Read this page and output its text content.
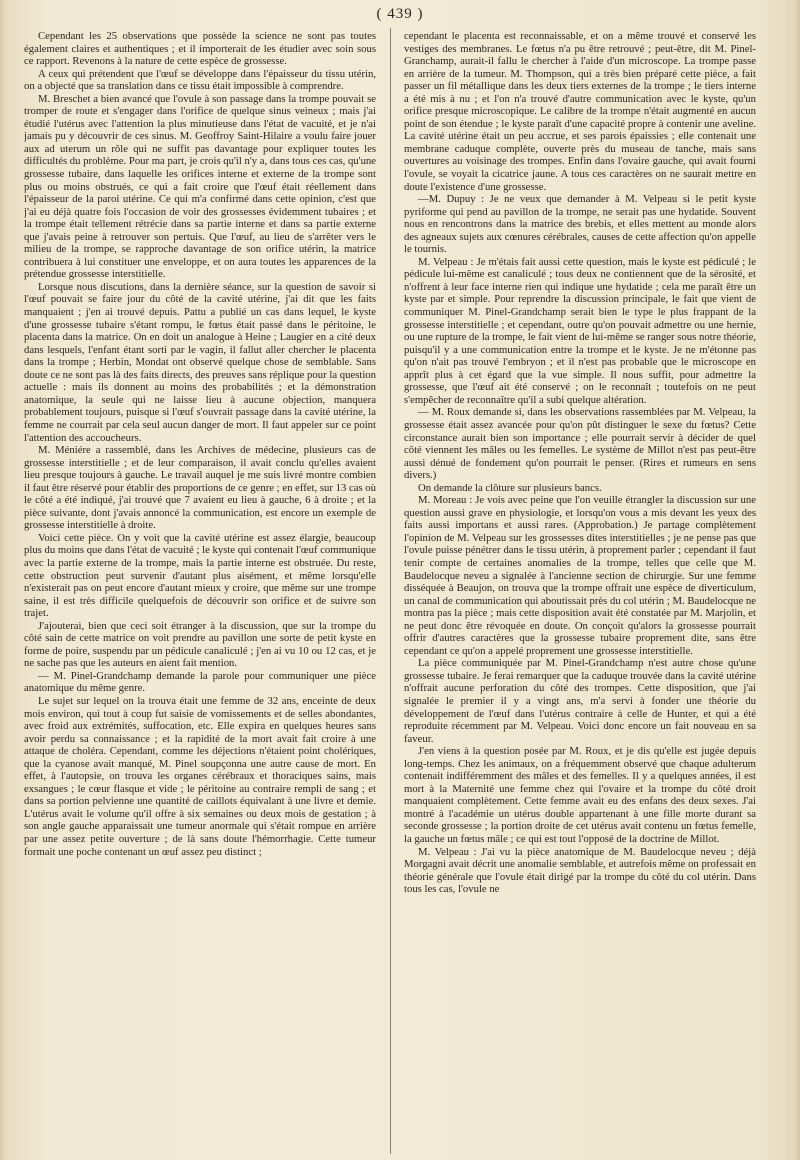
( 439 )

Cependant les 25 observations que possède la science ne sont pas toutes également claires et authentiques ; et il importerait de les étudier avec soin sous ce rapport. Revenons à la nature de cette espèce de grossesse.

A ceux qui prétendent que l'œuf se développe dans l'épaisseur du tissu utérin, on a objecté que sa translation dans ce tissu était impossible à comprendre.

M. Breschet a bien avancé que l'ovule à son passage dans la trompe pouvait se tromper de route et s'engager dans l'orifice de quelque sinus veineux ; mais j'ai étudié l'utérus avec l'attention la plus minutieuse dans l'état de vacuité, et je n'ai jamais pu y découvrir de ces sinus. M. Geoffroy Saint-Hilaire a voulu faire jouer aux ad uterum un rôle qui ne suffit pas davantage pour expliquer toutes les difficultés du problème. Pour ma part, je crois qu'il n'y a, dans tous ces cas, qu'une grossesse tubaire, dans laquelle les orifices interne et externe de la trompe sont plus ou moins obstrués, ce qui a fait croire que l'œuf était réellement dans l'épaisseur de la paroi utérine. Ce qui m'a confirmé dans cette opinion, c'est que j'ai eu déjà quatre fois l'occasion de voir des grossesses évidemment tubaires ; et la trompe était tellement rétrécie dans sa partie interne et dans sa partie externe que j'avais peine à retrouver son pertuis. Que l'œuf, au lieu de s'arrêter vers le milieu de la trompe, se rapproche davantage de son orifice utérin, la matrice contribuera à lui constituer une enveloppe, et on aura toutes les apparences de la prétendue grossesse interstitielle.

Lorsque nous discutions, dans la dernière séance, sur la question de savoir si l'œuf pouvait se faire jour du côté de la cavité utérine, j'ai dit que les faits manquaient ; j'en ai trouvé depuis. Pattu a publié un cas dans lequel, le kyste d'une grossesse tubaire s'étant rompu, le fœtus était passé dans le péritoine, le placenta dans la matrice. On en doit un analogue à Heine ; Laugier en a cité deux dans lesquels, l'enfant étant sorti par le vagin, il fallut aller chercher le placenta dans la trompe ; Herbin, Mondat ont observé quelque chose de semblable. Sans doute ce ne sont pas là des faits directs, des preuves sans réplique pour la question actuelle : mais ils donnent au moins des probabilités ; et la démonstration anatomique, la seule qui ne laisse lieu à aucune objection, manquera probablement toujours, puisque si l'œuf s'ouvrait passage dans la cavité utérine, la femme ne courrait par cela seul aucun danger de mort. Il faut appeler sur ce point l'attention des accoucheurs.

M. Méniére a rassemblé, dans les Archives de médecine, plusieurs cas de grossesse interstitielle ; et de leur comparaison, il avait conclu qu'elles avaient lieu presque toujours à gauche. Le travail auquel je me suis livré montre combien il faut être réservé pour établir des proportions de ce genre ; en effet, sur 13 cas où le côté a été indiqué, j'ai trouvé que 7 avaient eu lieu à gauche, 6 à droite ; et la pièce suivante, dont j'avais annoncé la communication, est encore un exemple de grossesse interstitielle à droite.

Voici cette pièce. On y voit que la cavité utérine est assez élargie, beaucoup plus du moins que dans l'état de vacuité ; le kyste qui contenait l'œuf communique avec la partie externe de la trompe, mais la partie interne est obstruée. Du reste, cette obstruction peut survenir d'autant plus aisément, et même lorsqu'elle n'existerait pas on peut encore d'autant mieux y croire, que même sur une trompe saine, il est très difficile quelquefois de découvrir son orifice et de suivre son trajet.

J'ajouterai, bien que ceci soit étranger à la discussion, que sur la trompe du côté sain de cette matrice on voit prendre au pavillon une sorte de petit kyste en forme de poire, suspendu par un pédicule canaliculé ; j'en ai vu 10 ou 12 cas, et je ne sache pas que les auteurs en aient fait mention.

— M. Pinel-Grandchamp demande la parole pour communiquer une pièce anatomique du même genre.

Le sujet sur lequel on la trouva était une femme de 32 ans, enceinte de deux mois environ, qui tout à coup fut saisie de vomissements et de selles abondantes, avec froid aux extrémités, suffocation, etc. Elle expira en quelques heures sans avoir perdu sa connaissance ; et la rapidité de la mort avait fait croire à une attaque de choléra. Cependant, comme les déjections n'étaient point cholériques, que la cyanose avait manqué, M. Pinel soupçonna une autre cause de mort. En effet, à l'autopsie, on trouva les organes cérébraux et thoraciques sains, mais exsangues ; le cœur flasque et vide ; le péritoine au contraire rempli de sang ; et dans sa portion pelvienne une quantité de caillots équivalant à une livre et demie. L'utérus avait le volume qu'il offre à six semaines ou deux mois de gestation ; à son angle gauche apparaissait une tumeur anormale qui s'était rompue en arrière par une assez petite ouverture ; de là sans doute l'hémorrhagie. Cette tumeur formait une poche contenant un œuf assez peu distinct ;

cependant le placenta est reconnaissable, et on a même trouvé et conservé les vestiges des membranes. Le fœtus n'a pu être retrouvé ; peut-être, dit M. Pinel-Granchamp, aurait-il fallu le chercher à l'aide d'un microscope. La trompe passe en arrière de la tumeur. M. Thompson, qui a très bien préparé cette pièce, a fait passer un fil métallique dans les deux tiers externes de la trompe ; le tiers interne a été mis à nu ; et l'on n'a trouvé d'autre communication avec le kyste, qu'un orifice presque microscopique. Le calibre de la trompe n'était augmenté en aucun point de son étendue ; le kyste paraît d'une capacité propre à contenir une aveline. La cavité utérine était un peu accrue, et ses parois épaissies ; elle contenait une membrane caduque complète, ouverte près du museau de tanche, mais sans ouvertures au voisinage des trompes. Enfin dans l'ovaire gauche, qui avait fourni l'ovule, se voyait la cicatrice jaune. A tous ces caractères on ne saurait mettre en doute l'existence d'une grossesse.

—M. Dupuy : Je ne veux que demander à M. Velpeau si le petit kyste pyriforme qui pend au pavillon de la trompe, ne serait pas une hydatide. Souvent nous en rencontrons dans la matrice des brebis, et elles mettent au monde alors des agneaux sujets aux cœnures cérébrales, causes de cette affection qu'on appelle le tournis.

M. Velpeau : Je m'étais fait aussi cette question, mais le kyste est pédiculé ; le pédicule lui-même est canaliculé ; tous deux ne contiennent que de la sérosité, et n'offrent à leur face interne rien qui indique une hydatide ; cela me paraît être un kyste par et simple. Pour reprendre la discussion principale, le fait que vient de communiquer M. Pinel-Grandchamp serait bien le type le plus frappant de la grossesse interstitielle ; et cependant, outre qu'on pouvait admettre ou une hernie, ou une rupture de la trompe, le fait vient de lui-même se ranger sous notre théorie, puisqu'il y a une communication entre la trompe et le kyste. Je ne m'étonne pas qu'on n'ait pas trouvé l'embryon ; et il n'est pas probable que le microscope en apprît plus à cet égard que la vue simple. Il nous suffit, pour admettre la grossesse, que l'œuf ait été conservé ; on le reconnaît ; toutefois on ne peut s'empêcher de reconnaître qu'il a subi quelque altération.

— M. Roux demande si, dans les observations rassemblées par M. Velpeau, la grossesse était assez avancée pour qu'on pût distinguer le sexe du fœtus? Cette circonstance aurait bien son importance ; elle pourrait servir à décider de quel côté viennent les mâles ou les femelles. Le système de Millot n'est pas peut-être aussi dénué de fondement qu'on pourrait le penser. (Rires et rumeurs en sens divers.)

On demande la clôture sur plusieurs bancs.

M. Moreau : Je vois avec peine que l'on veuille étrangler la discussion sur une question aussi grave en physiologie, et lorsqu'on vous a mis devant les yeux des faits aussi importans et aussi rares. (Approbation.) Je partage complètement l'opinion de M. Velpeau sur les grossesses dites interstitielles ; je ne pense pas que l'ovule puisse pénétrer dans le tissu utérin, à proprement parler ; cependant il faut tenir compte de certaines anomalies de la trompe, telles que celle que M. Baudelocque neveu a signalée à l'ancienne section de chirurgie. Sur une femme disséquée à Beaujon, on trouva que la trompe offrait une espèce de diverticulum, un canal de communication qui aboutissait près du col utérin ; M. Baudelocque ne montra pas la pièce ; mais cette disposition avait été constatée par M. Marjolin, et ne peut donc être révoquée en doute. On conçoit qu'alors la grossesse pourrait offrir d'autres caractères que la grossesse tubaire proprement dite, sans être cependant ce qu'on a appelé proprement une grossesse interstitielle.

La pièce communiquée par M. Pinel-Grandchamp n'est autre chose qu'une grossesse tubaire. Je ferai remarquer que la caduque trouvée dans la cavité utérine n'offrait aucune perforation du côté des trompes. Cette disposition, que j'ai signalée le premier il y a vingt ans, m'a servi à fonder une théorie du développement de l'œuf dans l'utérus contraire à celle de Hunter, et qui a été reproduite récemment par M. Velpeau. Voici donc encore un fait nouveau en sa faveur.

J'en viens à la question posée par M. Roux, et je dis qu'elle est jugée depuis long-temps. Chez les animaux, on a fréquemment observé que chaque adulterum contenait indifféremment des mâles et des femelles. Il y a quelques années, il est mort à la Maternité une femme chez qui l'ovaire et la trompe du côté droit manquaient complètement. Cette femme avait eu des enfans des deux sexes. J'ai montré à l'académie un utérus double appartenant à une fille morte durant sa seconde grossesse ; la portion droite de cet utérus avait contenu un fœtus femelle, la gauche un fœtus mâle ; ce qui est tout l'opposé de la doctrine de Millot.

M. Velpeau : J'ai vu la pièce anatomique de M. Baudelocque neveu ; déjà Morgagni avait décrit une anomalie semblable, et autrefois même on professait en théorie générale que l'ovule était dirigé par la trompe du côté du col utérin. Dans tous les cas, l'ovule ne
